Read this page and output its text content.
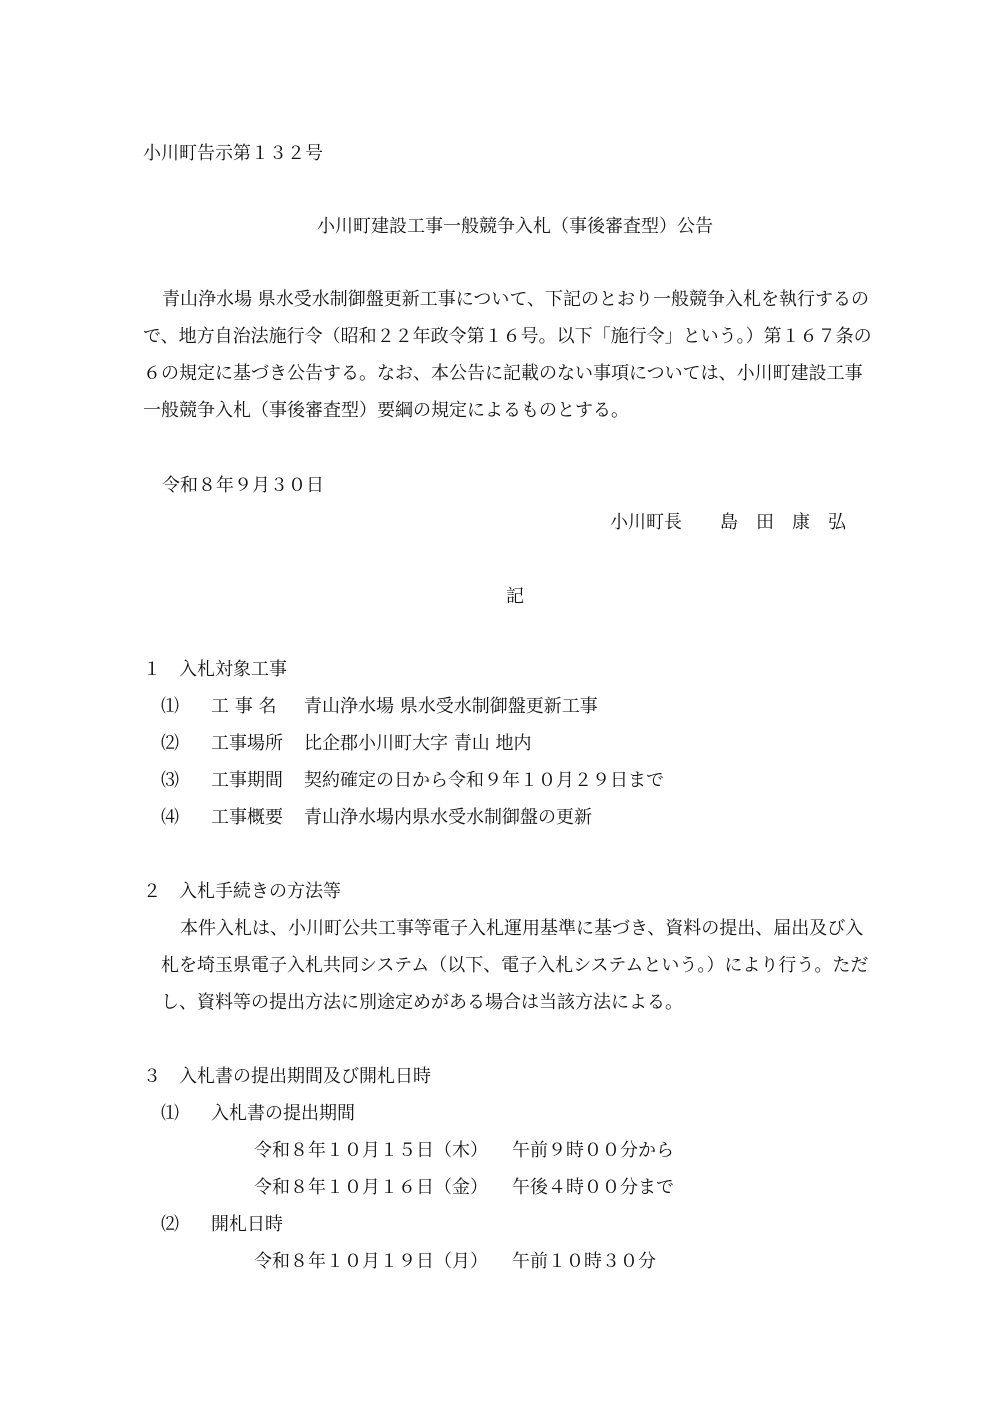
小川町告示第１３２号
小川町建設工事一般競争入札（事後審査型）公告
青山浄水場 県水受水制御盤更新工事について、下記のとおり一般競争入札を執行するの
で、地方自治法施行令（昭和２２年政令第１６号。以下「施行令」という。）第１６７条の
６の規定に基づき公告する。なお、本公告に記載のない事項については、小川町建設工事
一般競争入札（事後審査型）要綱の規定によるものとする。
令和８年９月３０日
小川町長 島　田　康　弘
記
１　入札対象工事
⑴ 工 事 名 青山浄水場 県水受水制御盤更新工事
⑵ 工事場所 比企郡小川町大字 青山 地内
⑶ 工事期間 契約確定の日から令和９年１０月２９日まで
⑷ 工事概要 青山浄水場内県水受水制御盤の更新
２　入札手続きの方法等
本件入札は、小川町公共工事等電子入札運用基準に基づき、資料の提出、届出及び入
札を埼玉県電子入札共同システム（以下、電子入札システムという。）により行う。ただ
し、資料等の提出方法に別途定めがある場合は当該方法による。
３　入札書の提出期間及び開札日時
⑴ 入札書の提出期間
令和８年１０月１５日（木） 午前９時００分から
令和８年１０月１６日（金） 午後４時００分まで
⑵ 開札日時
令和８年１０月１９日（月） 午前１０時３０分
